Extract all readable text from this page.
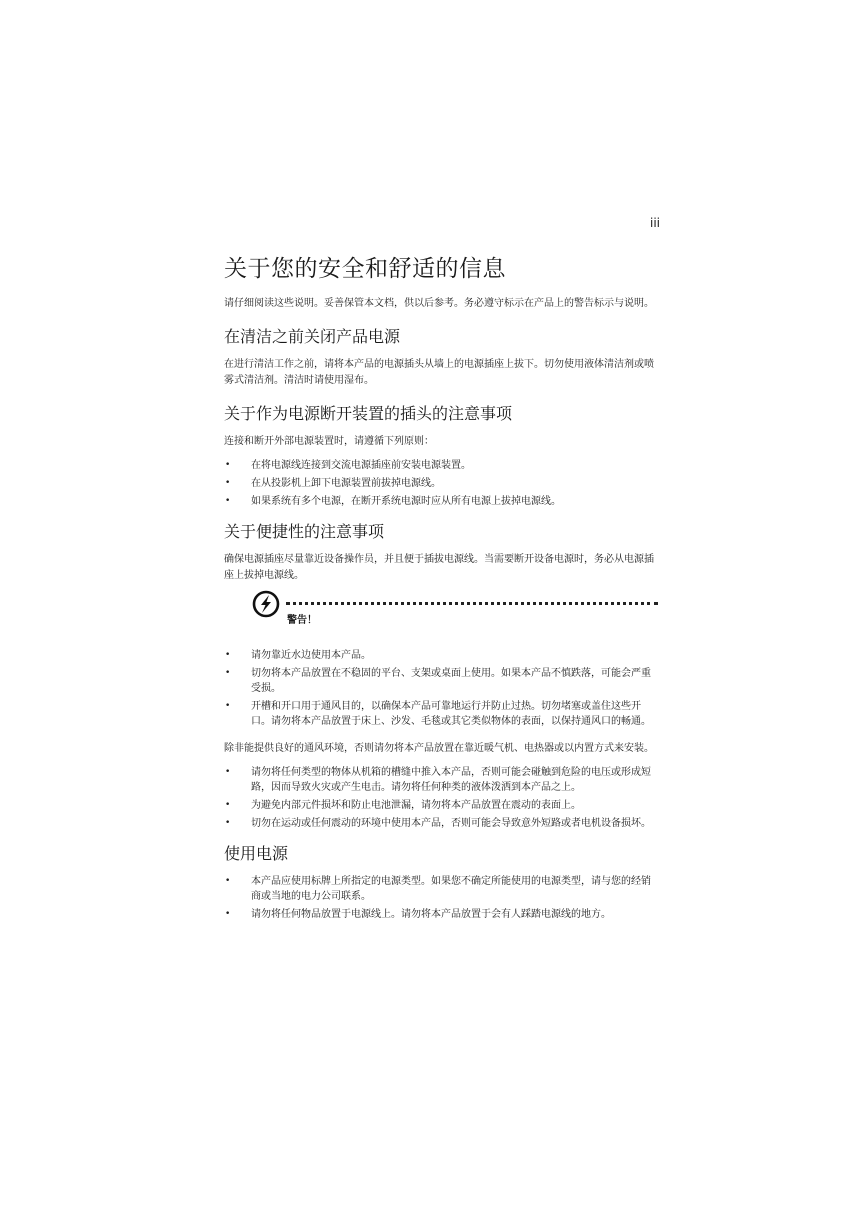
iii
关于您的安全和舒适的信息

请仔细阅读这些说明。妥善保管本文档，供以后参考。务必遵守标示在产品上的警告标示与说明。

在清洁之前关闭产品电源

在进行清洁工作之前，请将本产品的电源插头从墙上的电源插座上拔下。切勿使用液体清洁剂或喷雾式清洁剂。清洁时请使用湿布。

关于作为电源断开装置的插头的注意事项

连接和断开外部电源装置时，请遵循下列原则：

• 在将电源线连接到交流电源插座前安装电源装置。
• 在从投影机上卸下电源装置前拔掉电源线。
• 如果系统有多个电源，在断开系统电源时应从所有电源上拔掉电源线。
关于便捷性的注意事项

确保电源插座尽量靠近设备操作员，并且便于插拔电源线。当需要断开设备电源时，务必从电源插座上拔掉电源线。

警告！
• 请勿靠近水边使用本产品。
• 切勿将本产品放置在不稳固的平台、支架或桌面上使用。如果本产品不慎跌落，可能会严重受损。
• 开槽和开口用于通风目的，以确保本产品可靠地运行并防止过热。切勿堵塞或盖住这些开口。请勿将本产品放置于床上、沙发、毛毯或其它类似物体的表面，以保持通风口的畅通。

除非能提供良好的通风环境，否则请勿将本产品放置在靠近暖气机、电热器或以内置方式来安装。

• 请勿将任何类型的物体从机箱的槽缝中推入本产品，否则可能会碰触到危险的电压或形成短路，因而导致火灾或产生电击。请勿将任何种类的液体泼洒到本产品之上。
• 为避免内部元件损坏和防止电池泄漏，请勿将本产品放置在震动的表面上。
• 切勿在运动或任何震动的环境中使用本产品，否则可能会导致意外短路或者电机设备损坏。
使用电源
• 本产品应使用标牌上所指定的电源类型。如果您不确定所能使用的电源类型，请与您的经销商或当地的电力公司联系。
• 请勿将任何物品放置于电源线上。请勿将本产品放置于会有人踩踏电源线的地方。
